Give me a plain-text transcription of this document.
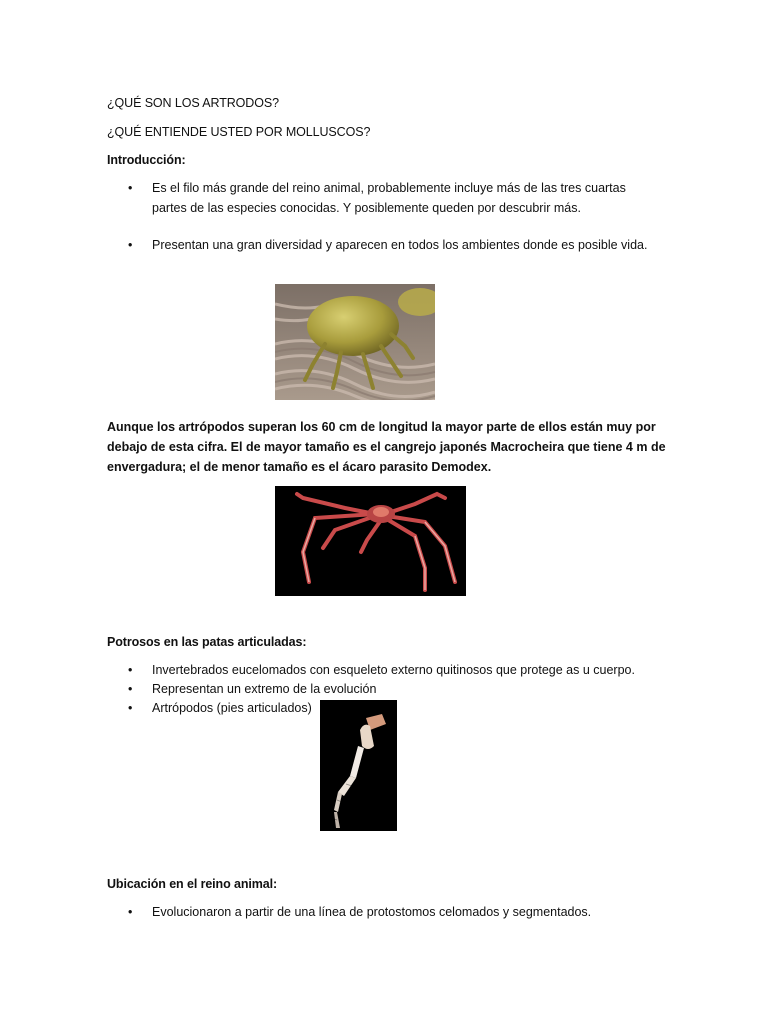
¿QUÉ SON LOS ARTRODOS?
¿QUÉ ENTIENDE USTED POR MOLLUSCOS?
Introducción:
• Es el filo más grande del reino animal, probablemente incluye más de las tres cuartas partes de las especies conocidas. Y posiblemente queden por descubrir más.
• Presentan una gran diversidad y aparecen en todos los ambientes donde es posible vida.
Aunque los artrópodos superan los 60 cm de longitud la mayor parte de ellos están muy por debajo de esta cifra. El de mayor tamaño es el cangrejo japonés Macrocheira que tiene 4 m de envergadura; el de menor tamaño es el ácaro parasito Demodex.
Potrosos en las patas articuladas:
• Invertebrados eucelomados con esqueleto externo quitinosos que protege as u cuerpo.
• Representan un extremo de la evolución
• Artrópodos (pies articulados)
Ubicación en el reino animal:
• Evolucionaron a partir de una línea de protostomos celomados y segmentados.
